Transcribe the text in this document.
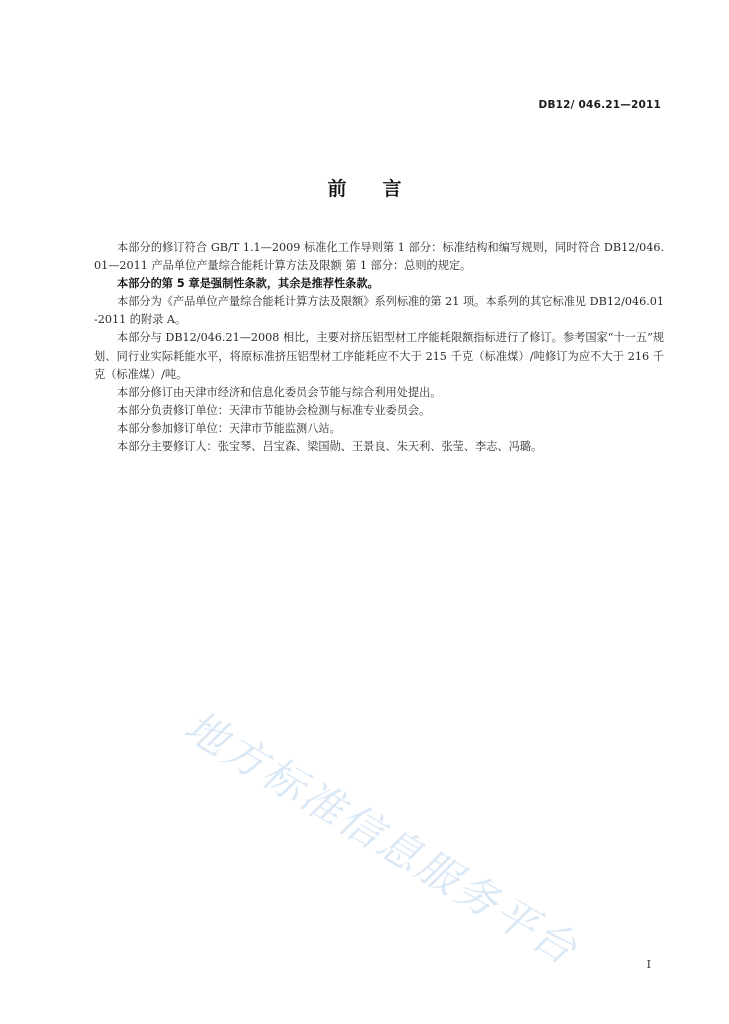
DB12/ 046.21—2011
前言

本部分的修订符合 GB/T 1.1—2009 标准化工作导则第 1 部分：标准结构和编写规则，同时符合 DB12/046.01—2011 产品单位产量综合能耗计算方法及限额 第 1 部分：总则的规定。

本部分的第 5 章是强制性条款，其余是推荐性条款。

本部分为《产品单位产量综合能耗计算方法及限额》系列标准的第 21 项。本系列的其它标准见 DB12/046.01-2011 的附录 A。

本部分与 DB12/046.21—2008 相比，主要对挤压铝型材工序能耗限额指标进行了修订。参考国家“十一五”规划、同行业实际耗能水平，将原标准挤压铝型材工序能耗应不大于 215 千克（标准煤）/吨修订为应不大于 216 千克（标准煤）/吨。

本部分修订由天津市经济和信息化委员会节能与综合利用处提出。

本部分负责修订单位：天津市节能协会检测与标准专业委员会。

本部分参加修订单位：天津市节能监测八站。

本部分主要修订人：张宝琴、吕宝森、梁国勋、王景良、朱天利、张莹、李志、冯璐。

地方标准信息服务平台	I
